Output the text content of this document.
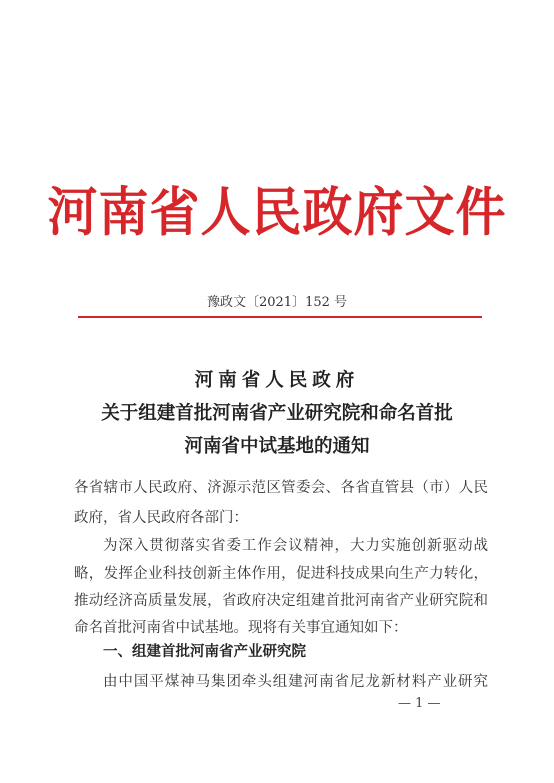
河南省人民政府文件
豫政文〔2021〕152 号
河南省人民政府
关于组建首批河南省产业研究院和命名首批
河南省中试基地的通知
各省辖市人民政府、济源示范区管委会、各省直管县（市）人民
政府，省人民政府各部门：
为深入贯彻落实省委工作会议精神，大力实施创新驱动战
略，发挥企业科技创新主体作用，促进科技成果向生产力转化，
推动经济高质量发展，省政府决定组建首批河南省产业研究院和
命名首批河南省中试基地。现将有关事宜通知如下：
一、组建首批河南省产业研究院
由中国平煤神马集团牵头组建河南省尼龙新材料产业研究
— 1 —
